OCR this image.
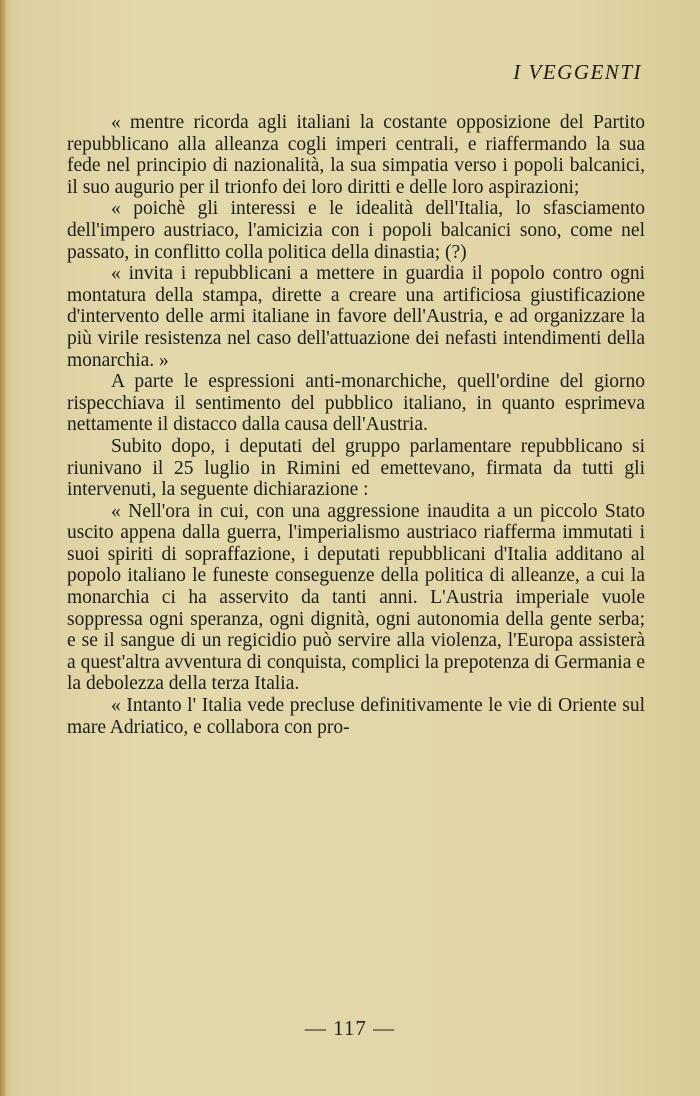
I VEGGENTI

« mentre ricorda agli italiani la costante opposizione del Partito repubblicano alla alleanza cogli imperi centrali, e riaffermando la sua fede nel principio di nazionalità, la sua simpatia verso i popoli balcanici, il suo augurio per il trionfo dei loro diritti e delle loro aspirazioni;

« poichè gli interessi e le idealità dell'Italia, lo sfasciamento dell'impero austriaco, l'amicizia con i popoli balcanici sono, come nel passato, in conflitto colla politica della dinastia; (?)

« invita i repubblicani a mettere in guardia il popolo contro ogni montatura della stampa, dirette a creare una artificiosa giustificazione d'intervento delle armi italiane in favore dell'Austria, e ad organizzare la più virile resistenza nel caso dell'attuazione dei nefasti intendimenti della monarchia. »

A parte le espressioni anti-monarchiche, quell'ordine del giorno rispecchiava il sentimento del pubblico italiano, in quanto esprimeva nettamente il distacco dalla causa dell'Austria.

Subito dopo, i deputati del gruppo parlamentare repubblicano si riunivano il 25 luglio in Rimini ed emettevano, firmata da tutti gli intervenuti, la seguente dichiarazione :

« Nell'ora in cui, con una aggressione inaudita a un piccolo Stato uscito appena dalla guerra, l'imperialismo austriaco riafferma immutati i suoi spiriti di sopraffazione, i deputati repubblicani d'Italia additano al popolo italiano le funeste conseguenze della politica di alleanze, a cui la monarchia ci ha asservito da tanti anni. L'Austria imperiale vuole soppressa ogni speranza, ogni dignità, ogni autonomia della gente serba; e se il sangue di un regicidio può servire alla violenza, l'Europa assisterà a quest'altra avventura di conquista, complici la prepotenza di Germania e la debolezza della terza Italia.

« Intanto l' Italia vede precluse definitivamente le vie di Oriente sul mare Adriatico, e collabora con pro-

— 117 —
